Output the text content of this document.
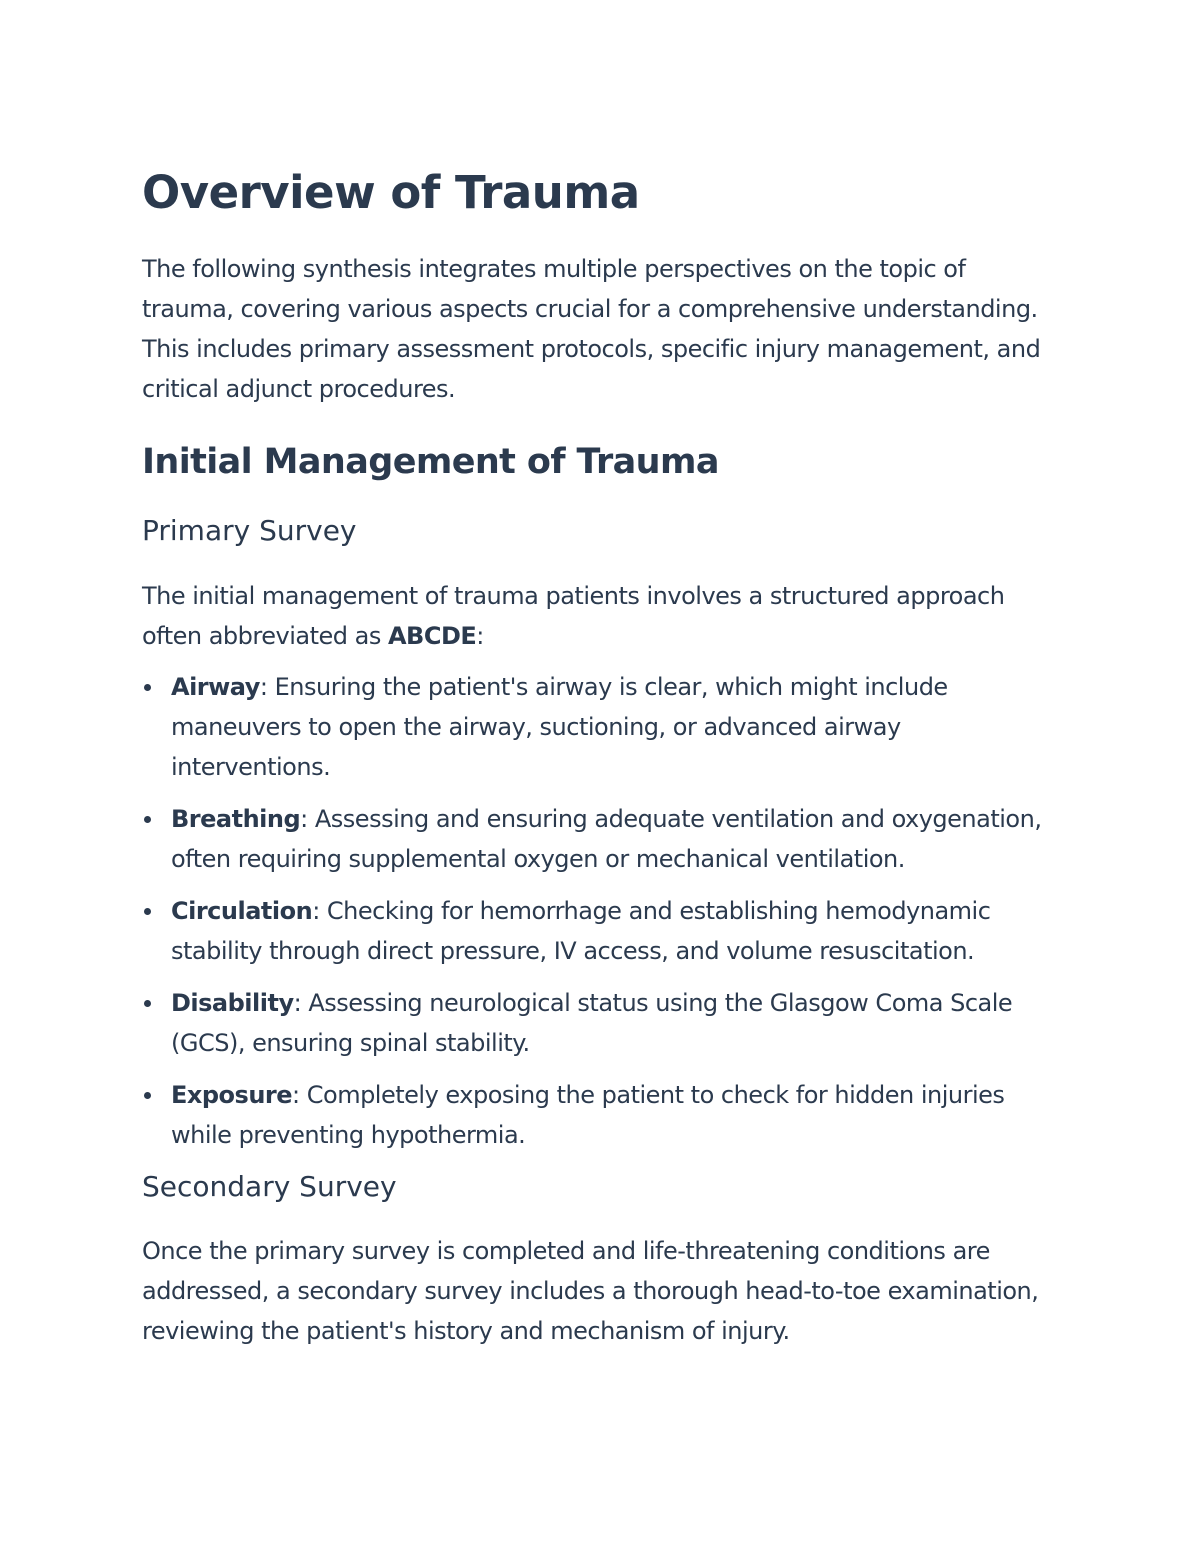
Overview of Trauma

The following synthesis integrates multiple perspectives on the topic of trauma, covering various aspects crucial for a comprehensive understanding. This includes primary assessment protocols, specific injury management, and critical adjunct procedures.

Initial Management of Trauma
Primary Survey

The initial management of trauma patients involves a structured approach often abbreviated as ABCDE:

Airway: Ensuring the patient's airway is clear, which might include maneuvers to open the airway, suctioning, or advanced airway interventions.
Breathing: Assessing and ensuring adequate ventilation and oxygenation, often requiring supplemental oxygen or mechanical ventilation.
Circulation: Checking for hemorrhage and establishing hemodynamic stability through direct pressure, IV access, and volume resuscitation.
Disability: Assessing neurological status using the Glasgow Coma Scale (GCS), ensuring spinal stability.
Exposure: Completely exposing the patient to check for hidden injuries while preventing hypothermia.
Secondary Survey

Once the primary survey is completed and life-threatening conditions are addressed, a secondary survey includes a thorough head-to-toe examination, reviewing the patient's history and mechanism of injury.
